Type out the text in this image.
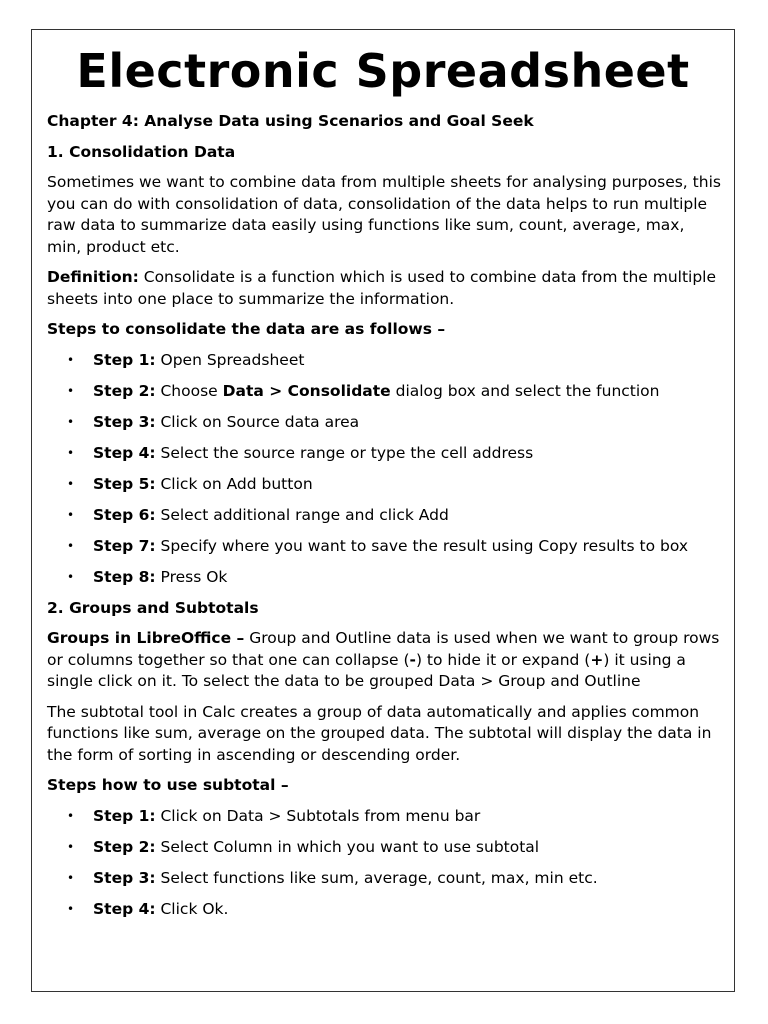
Electronic Spreadsheet

Chapter 4: Analyse Data using Scenarios and Goal Seek

1. Consolidation Data

Sometimes we want to combine data from multiple sheets for analysing purposes, this you can do with consolidation of data, consolidation of the data helps to run multiple raw data to summarize data easily using functions like sum, count, average, max, min, product etc.

Definition: Consolidate is a function which is used to combine data from the multiple sheets into one place to summarize the information.

Steps to consolidate the data are as follows –

• Step 1: Open Spreadsheet
• Step 2: Choose Data > Consolidate dialog box and select the function
• Step 3: Click on Source data area
• Step 4: Select the source range or type the cell address
• Step 5: Click on Add button
• Step 6: Select additional range and click Add
• Step 7: Specify where you want to save the result using Copy results to box
• Step 8: Press Ok

2. Groups and Subtotals

Groups in LibreOffice – Group and Outline data is used when we want to group rows or columns together so that one can collapse (-) to hide it or expand (+) it using a single click on it. To select the data to be grouped Data > Group and Outline

The subtotal tool in Calc creates a group of data automatically and applies common functions like sum, average on the grouped data. The subtotal will display the data in the form of sorting in ascending or descending order.

Steps how to use subtotal –

• Step 1: Click on Data > Subtotals from menu bar
• Step 2: Select Column in which you want to use subtotal
• Step 3: Select functions like sum, average, count, max, min etc.
• Step 4: Click Ok.
